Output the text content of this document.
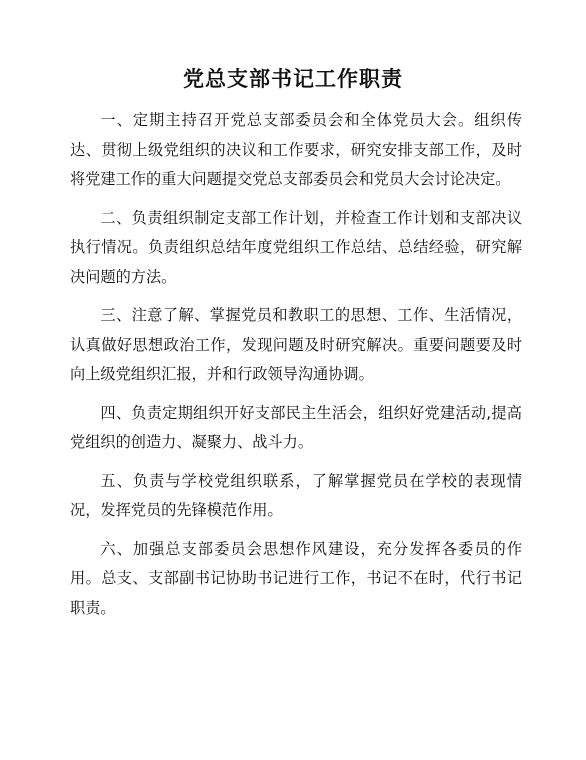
党总支部书记工作职责

一、定期主持召开党总支部委员会和全体党员大会。组织传达、贯彻上级党组织的决议和工作要求，研究安排支部工作，及时将党建工作的重大问题提交党总支部委员会和党员大会讨论决定。

二、负责组织制定支部工作计划，并检查工作计划和支部决议执行情况。负责组织总结年度党组织工作总结、总结经验，研究解决问题的方法。

三、注意了解、掌握党员和教职工的思想、工作、生活情况，认真做好思想政治工作，发现问题及时研究解决。重要问题要及时向上级党组织汇报，并和行政领导沟通协调。

四、负责定期组织开好支部民主生活会，组织好党建活动,提高党组织的创造力、凝聚力、战斗力。

五、负责与学校党组织联系，了解掌握党员在学校的表现情况，发挥党员的先锋模范作用。

六、加强总支部委员会思想作风建设，充分发挥各委员的作用。总支、支部副书记协助书记进行工作，书记不在时，代行书记职责。
